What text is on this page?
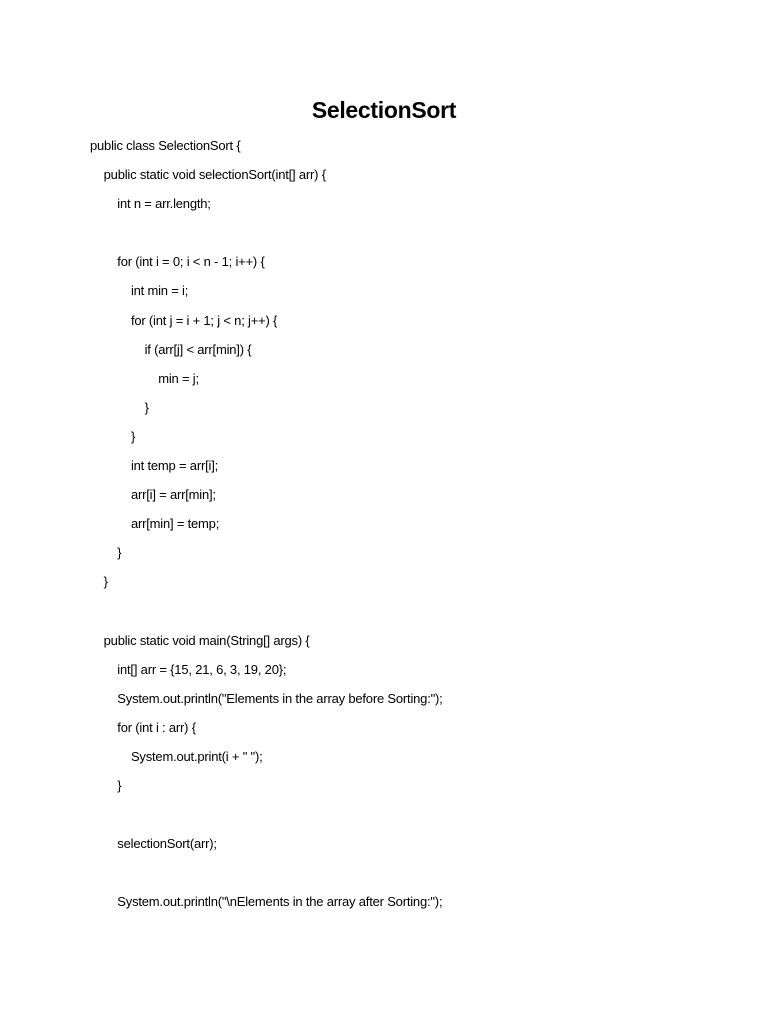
SelectionSort
public class SelectionSort {
public static void selectionSort(int[] arr) {
int n = arr.length;
for (int i = 0; i < n - 1; i++) {
int min = i;
for (int j = i + 1; j < n; j++) {
if (arr[j] < arr[min]) {
min = j;
}
}
int temp = arr[i];
arr[i] = arr[min];
arr[min] = temp;
}
}
public static void main(String[] args) {
int[] arr = {15, 21, 6, 3, 19, 20};
System.out.println("Elements in the array before Sorting:");
for (int i : arr) {
System.out.print(i + " ");
}
selectionSort(arr);
System.out.println("\nElements in the array after Sorting:");
